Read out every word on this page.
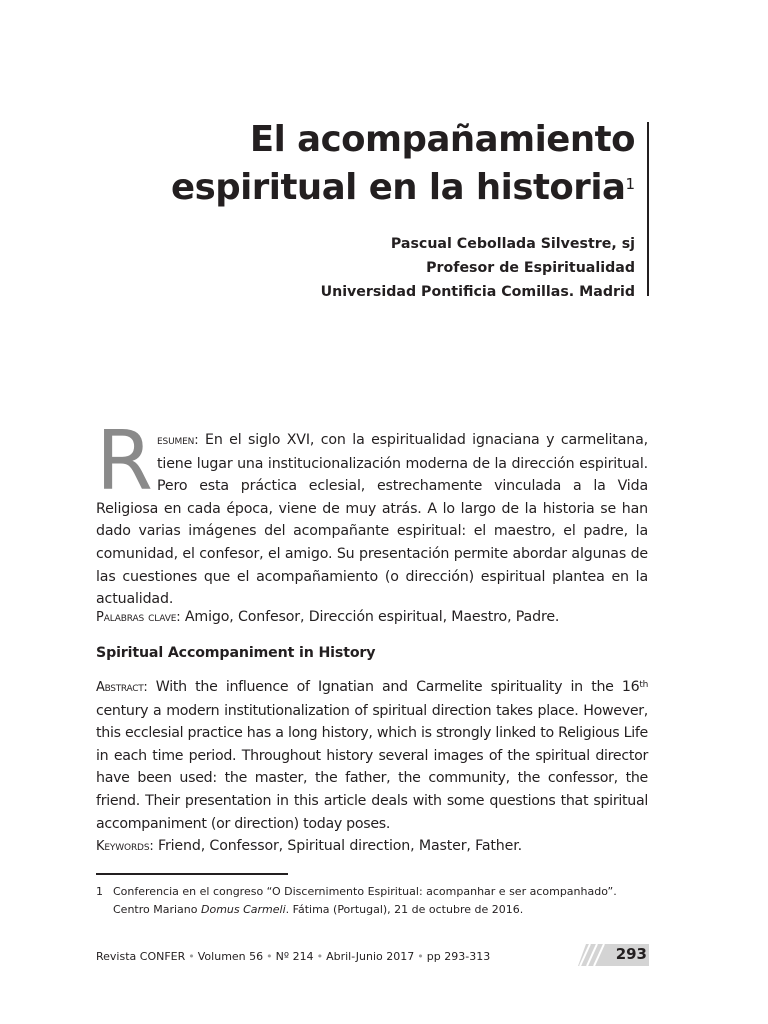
El acompañamiento
espiritual en la historia$^1$
Pascual Cebollada Silvestre, sj
Profesor de Espiritualidad
Universidad Pontificia Comillas. Madrid
Resumen: En el siglo XVI, con la espiritualidad ignaciana y carmelitana, tiene lugar una institucionalización moderna de la dirección espiritual. Pero esta práctica eclesial, estrechamente vinculada a la Vida Religiosa en cada época, viene de muy atrás. A lo largo de la historia se han dado varias imágenes del acompañante espiritual: el maestro, el padre, la comunidad, el confesor, el amigo. Su presentación permite abordar algunas de las cuestiones que el acompañamiento (o dirección) espiritual plantea en la actualidad.
Palabras clave: Amigo, Confesor, Dirección espiritual, Maestro, Padre.
Spiritual Accompaniment in History
Abstract: With the influence of Ignatian and Carmelite spirituality in the 16th century a modern institutionalization of spiritual direction takes place. However, this ecclesial practice has a long history, which is strongly linked to Religious Life in each time period. Throughout history several images of the spiritual director have been used: the master, the father, the community, the confessor, the friend. Their presentation in this article deals with some questions that spiritual accompaniment (or direction) today poses.
Keywords: Friend, Confessor, Spiritual direction, Master, Father.
1 Conferencia en el congreso “O Discernimento Espiritual: acompanhar e ser acompanhado”. Centro Mariano Domus Carmeli. Fátima (Portugal), 21 de octubre de 2016.
Revista CONFER • Volumen 56 • Nº 214 • Abril-Junio 2017 • pp 293-313	293
